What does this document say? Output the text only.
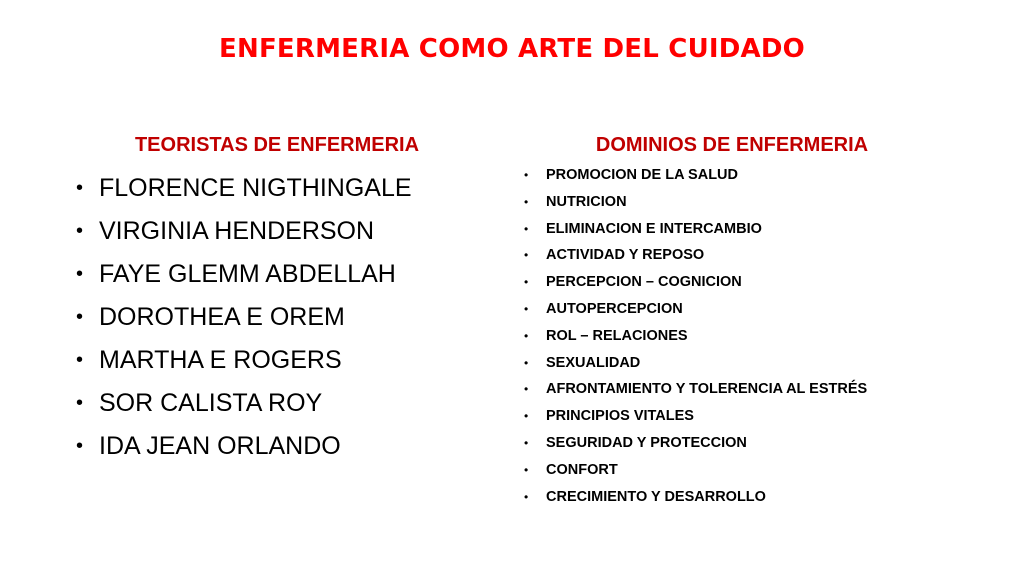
ENFERMERIA COMO ARTE DEL CUIDADO
TEORISTAS DE ENFERMERIA	DOMINIOS DE ENFERMERIA
• FLORENCE NIGTHINGALE
• VIRGINIA HENDERSON
• FAYE GLEMM ABDELLAH
• DOROTHEA E OREM
• MARTHA E ROGERS
• SOR CALISTA ROY
• IDA JEAN ORLANDO
•	PROMOCION DE LA SALUD
•	NUTRICION
•	ELIMINACION E INTERCAMBIO
•	ACTIVIDAD Y REPOSO
•	PERCEPCION – COGNICION
•	AUTOPERCEPCION
•	ROL – RELACIONES
•	SEXUALIDAD
•	AFRONTAMIENTO Y TOLERENCIA AL ESTRÉS
•	PRINCIPIOS VITALES
•	SEGURIDAD Y PROTECCION
•	CONFORT
•	CRECIMIENTO Y DESARROLLO
